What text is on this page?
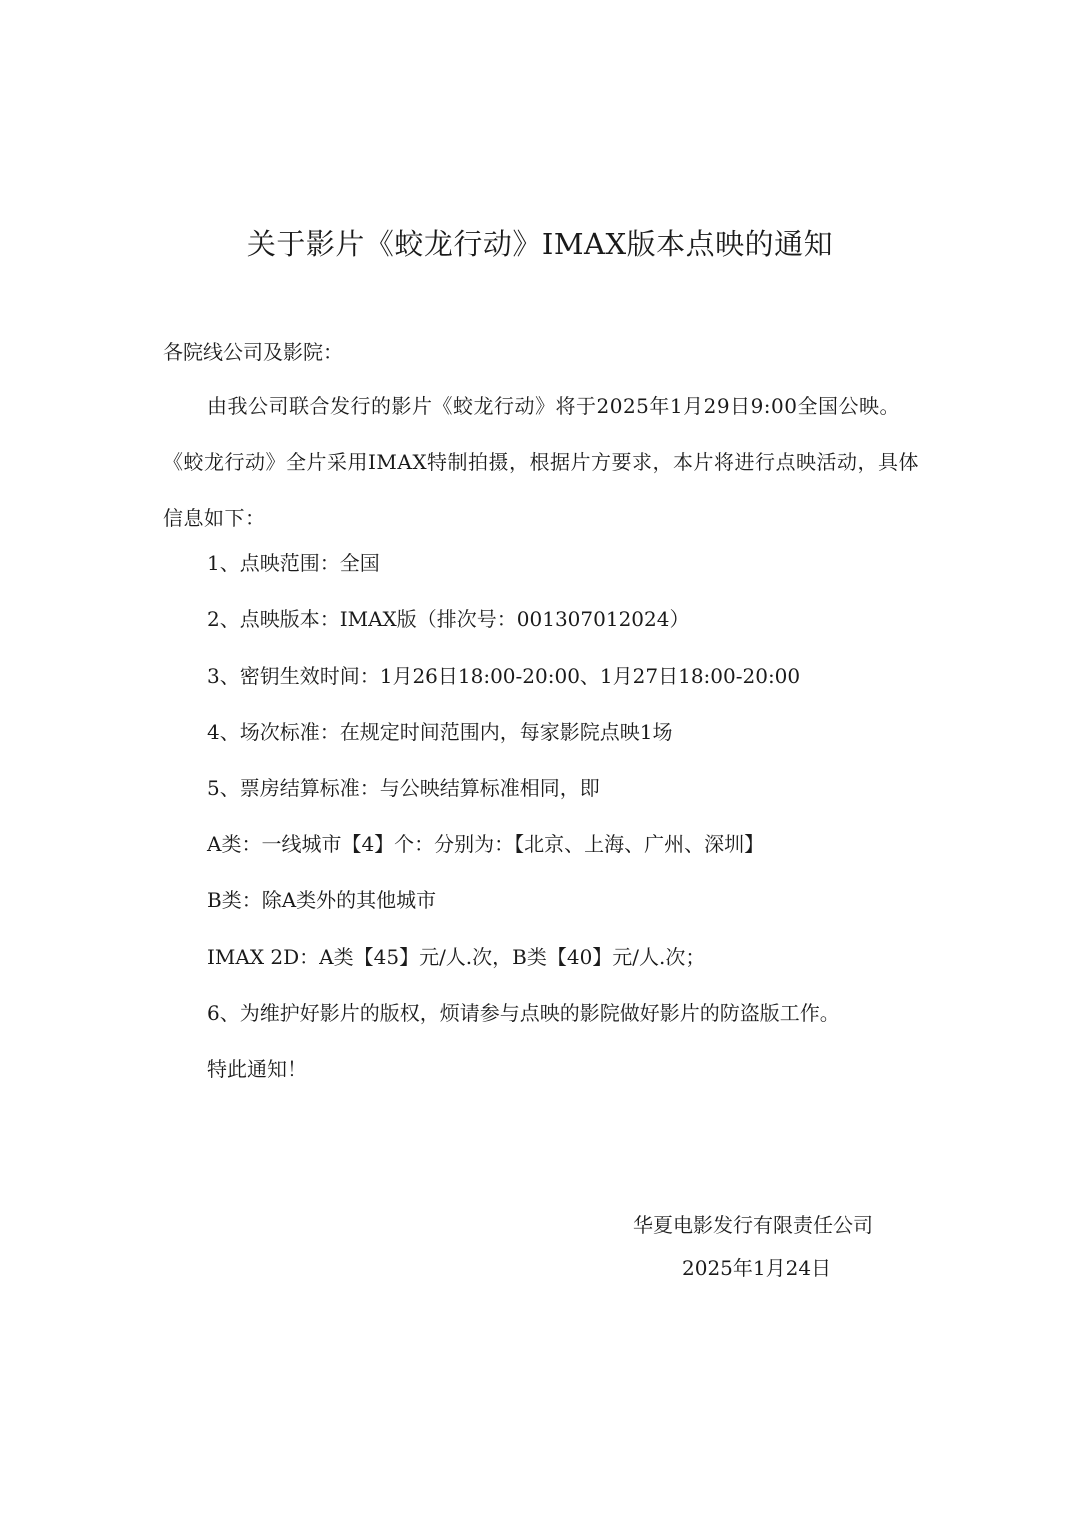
关于影片《蛟龙行动》IMAX版本点映的通知
各院线公司及影院：
由我公司联合发行的影片《蛟龙行动》将于2025年1月29日9:00全国公映。《蛟龙行动》全片采用IMAX特制拍摄，根据片方要求，本片将进行点映活动，具体信息如下：
1、点映范围：全国
2、点映版本：IMAX版（排次号：001307012024）
3、密钥生效时间：1月26日18:00-20:00、1月27日18:00-20:00
4、场次标准：在规定时间范围内，每家影院点映1场
5、票房结算标准：与公映结算标准相同，即
A类：一线城市【4】个：分别为：【北京、上海、广州、深圳】
B类：除A类外的其他城市
IMAX 2D：A类【45】元/人.次，B类【40】元/人.次；
6、为维护好影片的版权，烦请参与点映的影院做好影片的防盗版工作。
特此通知！
华夏电影发行有限责任公司
2025年1月24日
